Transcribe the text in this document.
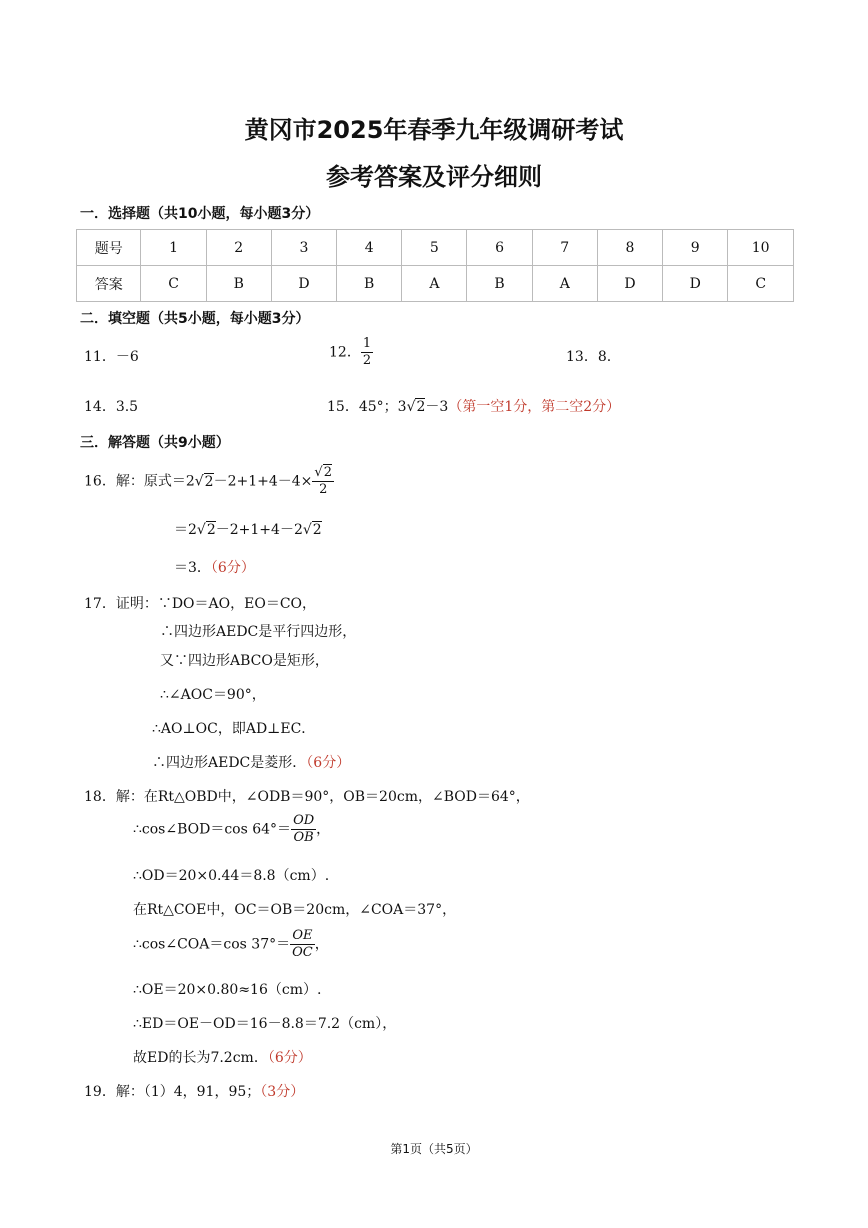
黄冈市2025年春季九年级调研考试
参考答案及评分细则
一．选择题（共10小题，每小题3分）
题号	1	2	3	4	5	6	7	8	9	10
答案	C	B	D	B	A	B	A	D	D	C
二．填空题（共5小题，每小题3分）
11．－6	12． $\frac{1}{2}$	13．8.
14．3.5	15．45°；3√2－3（第一空1分，第二空2分）
三．解答题（共9小题）
16．解：原式$=2√2-2+1+4-4\times \frac{√2}{2}$
＝2√2－2+1+4－2√2
＝3．（6分）
17．证明：∵DO＝AO，EO＝CO，
∴四边形AEDC是平行四边形，
又∵四边形ABCO是矩形，
∴∠AOC＝90°，
∴AO⊥OC，即AD⊥EC．
∴四边形AEDC是菱形．（6分）
18．解：在Rt△OBD中，∠ODB＝90°，OB＝20cm，∠BOD＝64°，
∴cos∠BOD＝cos $64^\circ= \frac{OD}{OB}$ ，
∴OD＝20×0.44＝8.8（cm）.
在Rt△COE中，OC＝OB＝20cm，∠COA＝37°，
∴cos∠COA＝cos $37^\circ= \frac{OE}{OC}$ ，
∴OE＝20×0.80≈16（cm）.
∴ED＝OE－OD＝16－8.8＝7.2（cm），
故ED的长为7.2cm．（6分）
19．解：（1）4，91，95；（3分）
第1页（共5页）
